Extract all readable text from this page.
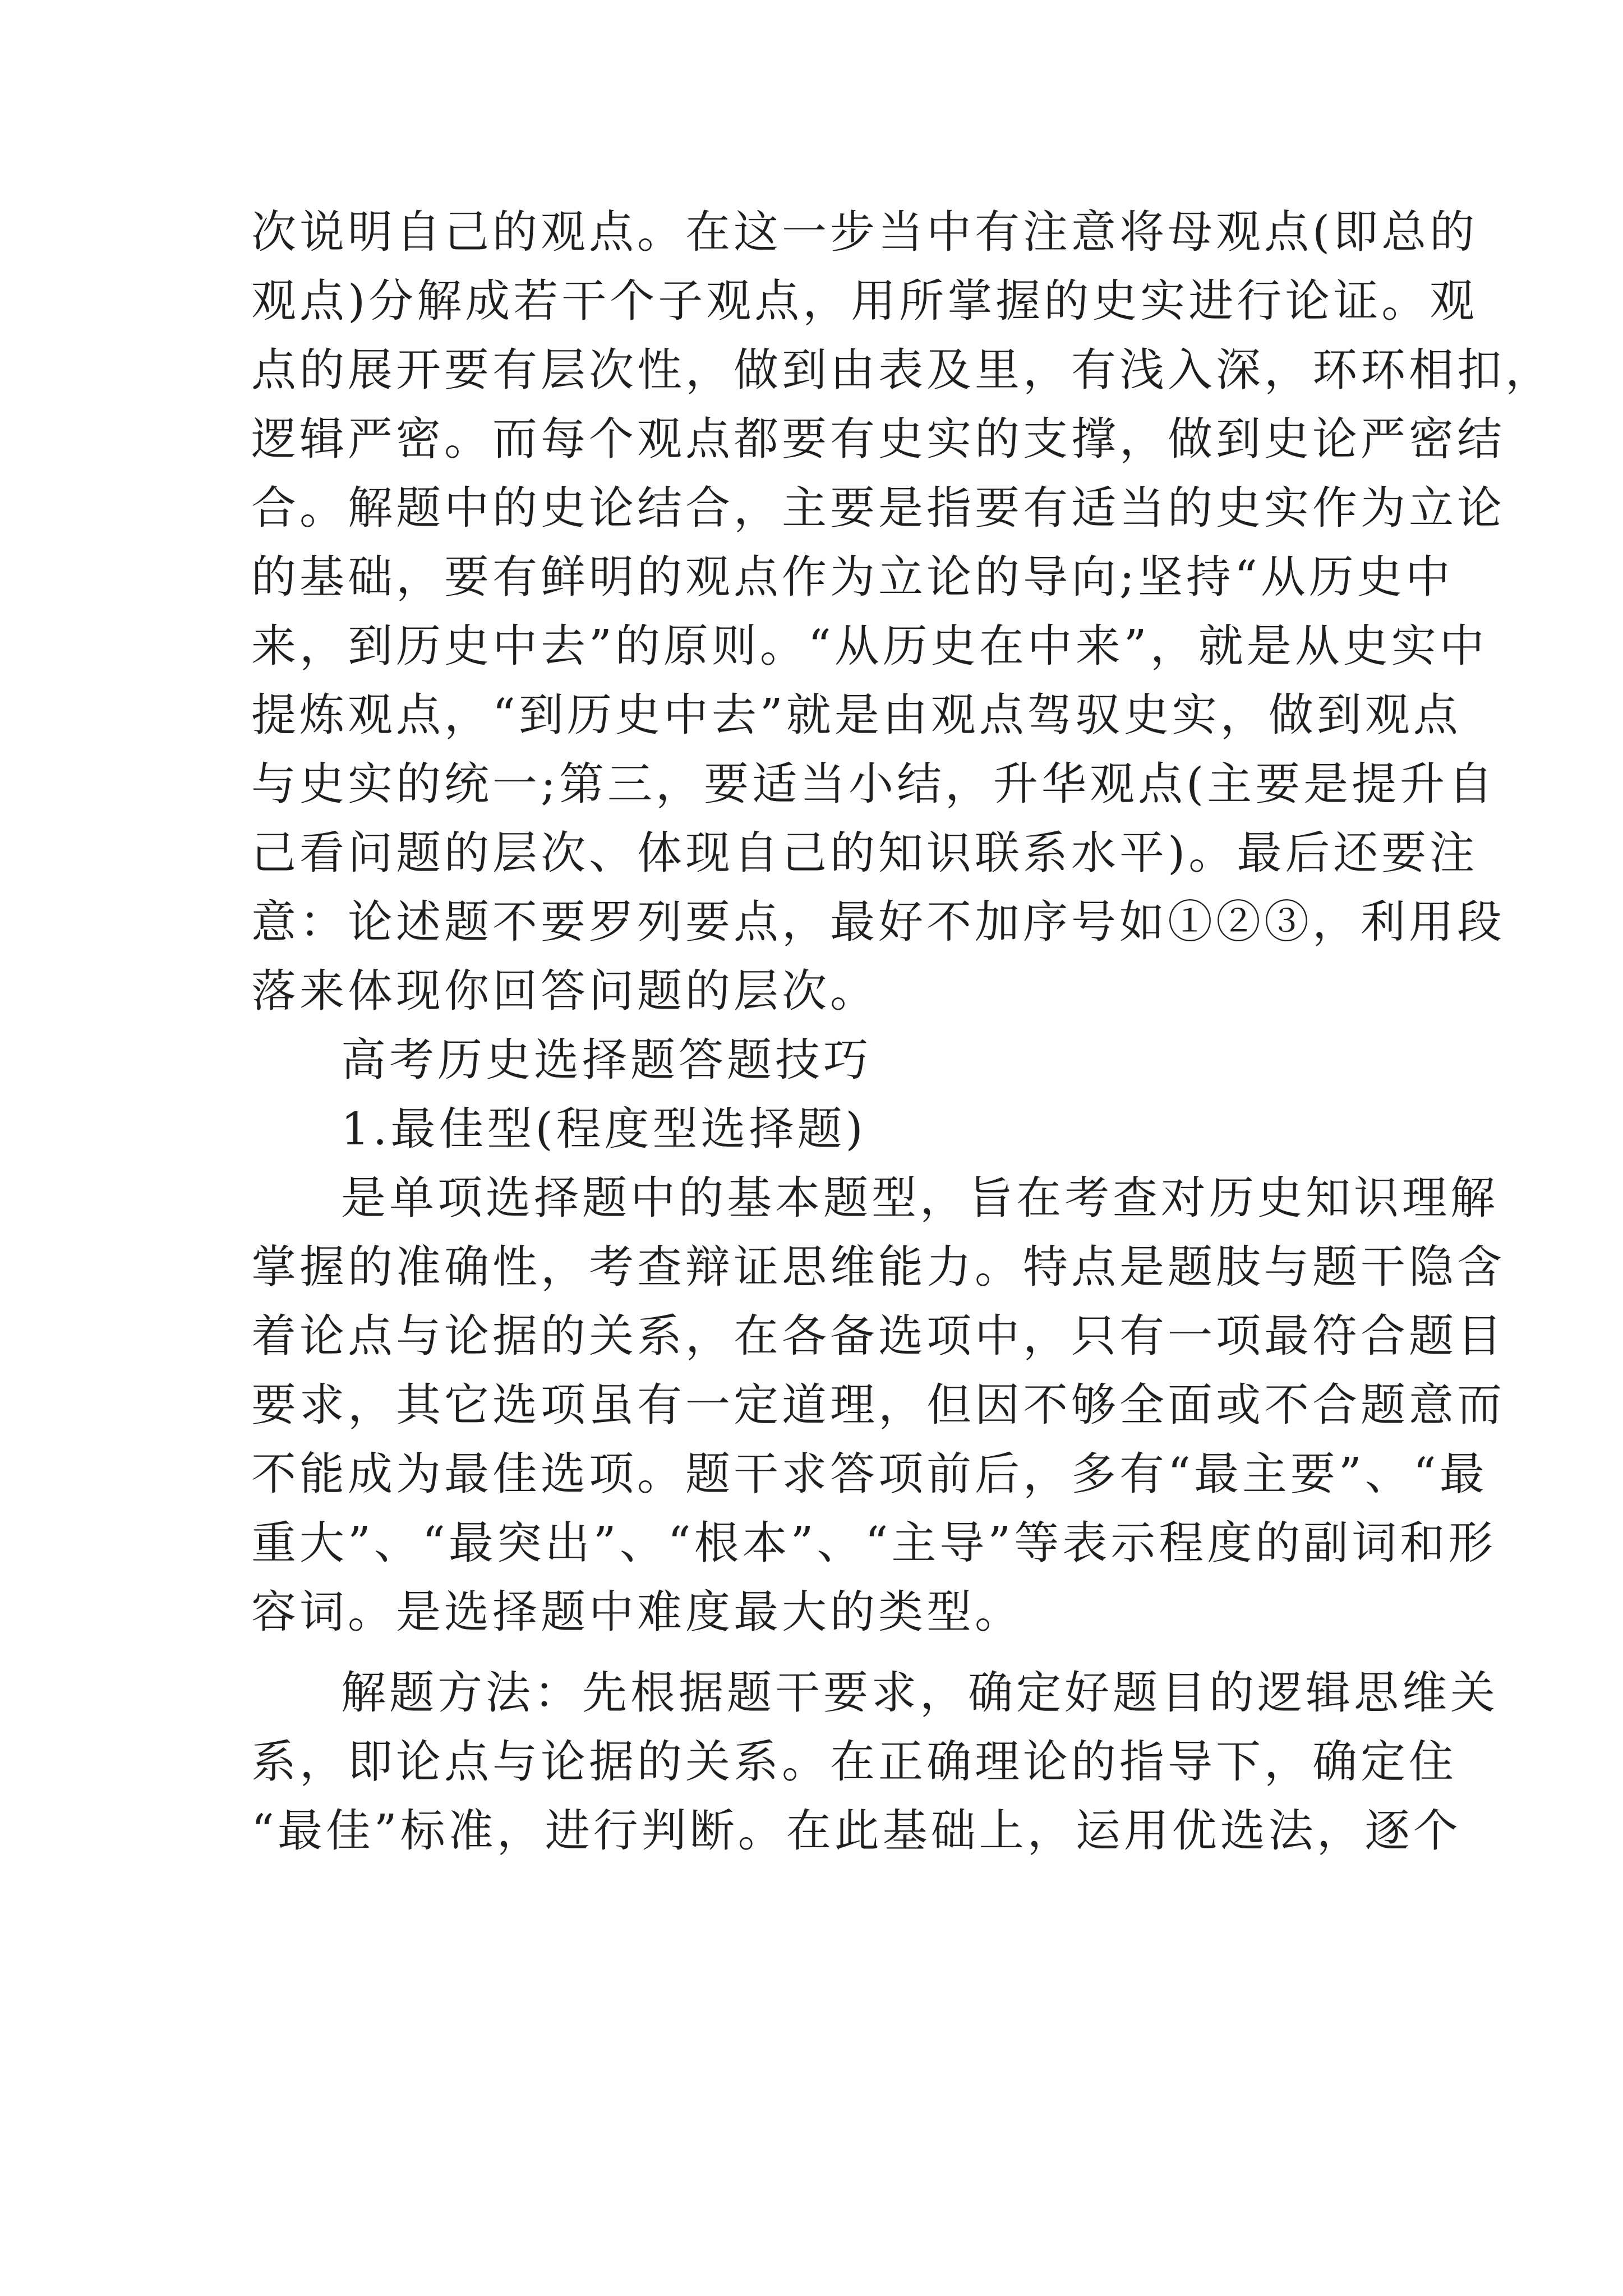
次说明自己的观点。在这一步当中有注意将母观点(即总的
观点)分解成若干个子观点，用所掌握的史实进行论证。观
点的展开要有层次性，做到由表及里，有浅入深，环环相扣，
逻辑严密。而每个观点都要有史实的支撑，做到史论严密结
合。解题中的史论结合，主要是指要有适当的史实作为立论
的基础，要有鲜明的观点作为立论的导向;坚持“从历史中
来，到历史中去”的原则。“从历史在中来”，就是从史实中
提炼观点，“到历史中去”就是由观点驾驭史实，做到观点
与史实的统一;第三，要适当小结，升华观点(主要是提升自
己看问题的层次、体现自己的知识联系水平)。最后还要注
意：论述题不要罗列要点，最好不加序号如①②③，利用段
落来体现你回答问题的层次。
高考历史选择题答题技巧
1.最佳型(程度型选择题)
是单项选择题中的基本题型，旨在考查对历史知识理解
掌握的准确性，考查辩证思维能力。特点是题肢与题干隐含
着论点与论据的关系，在各备选项中，只有一项最符合题目
要求，其它选项虽有一定道理，但因不够全面或不合题意而
不能成为最佳选项。题干求答项前后，多有“最主要”、“最
重大”、“最突出”、“根本”、“主导”等表示程度的副词和形
容词。是选择题中难度最大的类型。
解题方法：先根据题干要求，确定好题目的逻辑思维关
系，即论点与论据的关系。在正确理论的指导下，确定住
“最佳”标准，进行判断。在此基础上，运用优选法，逐个
